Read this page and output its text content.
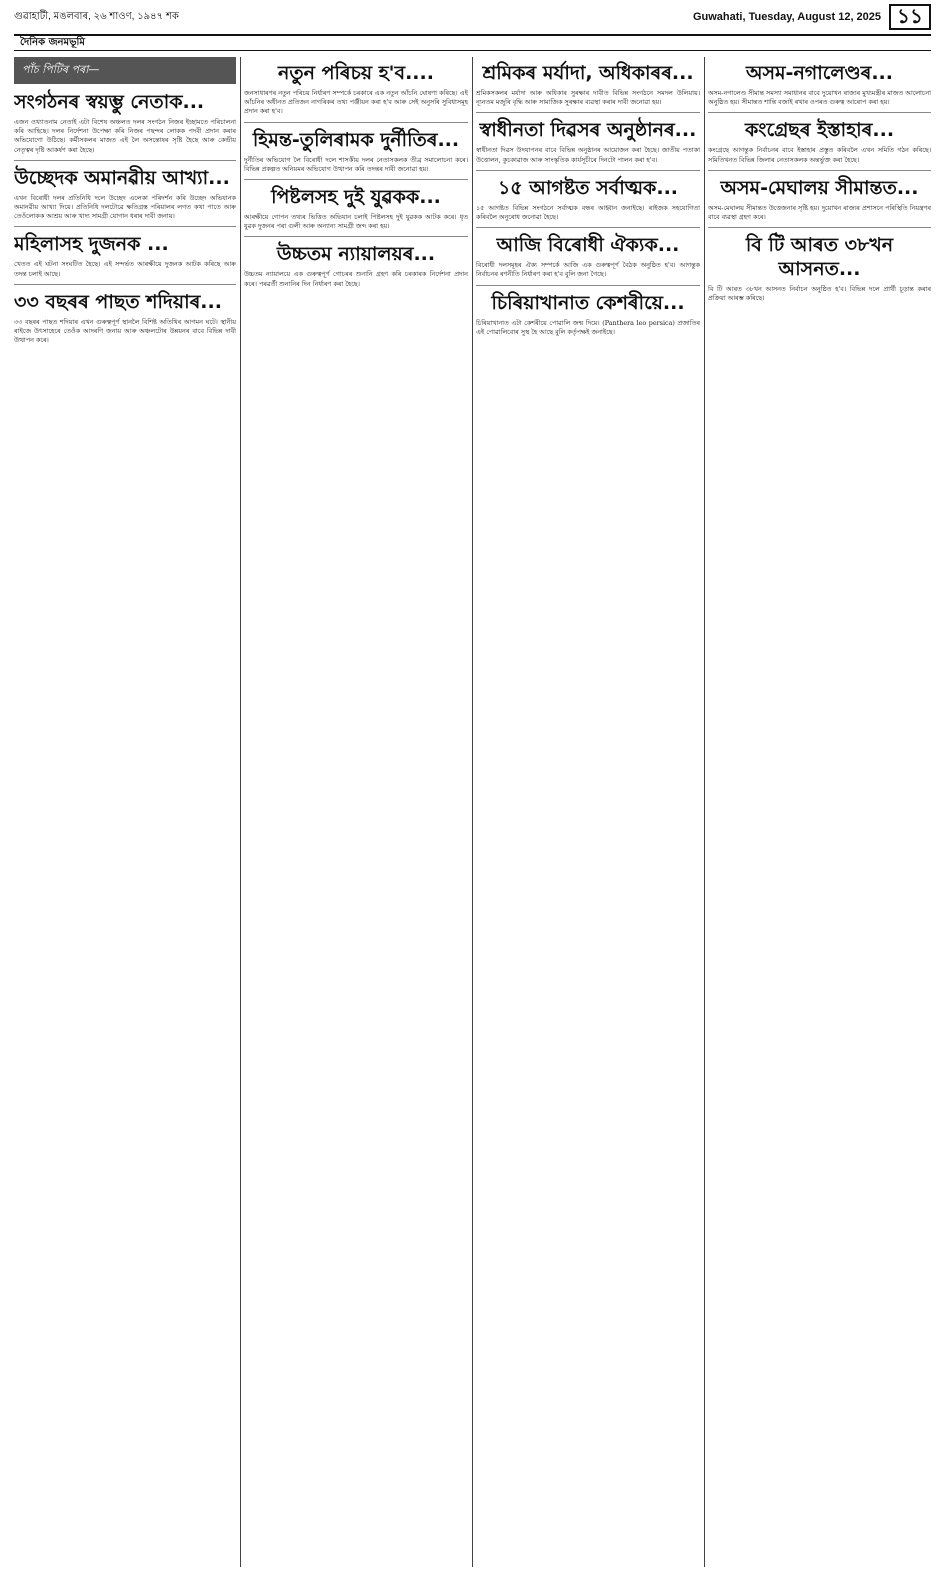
গুৱাহাটী, মঙলবাৰ, ২৬ শাওণ, ১৯৪৭ শক	Guwahati, Tuesday, August 12, 2025 ১১
দৈনিক জনমভূমি
পাঁচ পিটিৰ পৰা—
সংগঠনৰ স্বয়ম্ভু নেতাক...
এজন ওখ্যাতনাম নেতাই এটা বিশেষ অঞ্চলত দলৰ সংগঠন নিজৰ ইচ্ছামতে পৰিচালনা কৰি আহিছে। দলৰ নিৰ্দেশনা উপেক্ষা কৰি নিজৰ পছন্দৰ লোকক পদবী প্ৰদান কৰাৰ অভিযোগো উঠিছে। কৰ্মীসকলৰ মাজত এই লৈ অসন্তোষৰ সৃষ্টি হৈছে আৰু কেন্দ্ৰীয় নেতৃত্বৰ দৃষ্টি আকৰ্ষণ কৰা হৈছে।
উচ্ছেদক অমানৱীয় আখ্যা...
এখন বিৰোধী দলৰ প্ৰতিনিধি দলে উচ্ছেদ এলেকা পৰিদৰ্শন কৰি উচ্ছেদ অভিযানক অমানৱীয় আখ্যা দিয়ে। প্ৰতিনিধি দলটোৱে ক্ষতিগ্ৰস্ত পৰিয়ালৰ লগত কথা পাতে আৰু তেওঁলোকক আশ্ৰয় আৰু খাদ্য সামগ্ৰী যোগান ধৰাৰ দাবী জনায়।
মহিলাসহ দুজনক ...
খেতত এই ঘটনা সংঘটিত হৈছে। এই সন্দৰ্ভত আৰক্ষীয়ে দুজনক আটক কৰিছে আৰু তদন্ত চলাই আছে।
৩৩ বছৰৰ পাছত শদিয়াৰ...
৩৩ বছৰৰ পাছত শদিয়াৰ এখন গুৰুত্বপূৰ্ণ স্থানলৈ বিশিষ্ট অতিথিৰ আগমন ঘটে। স্থানীয় ৰাইজে উৎসাহেৰে তেওঁক আদৰণি জনায় আৰু অঞ্চলটোৰ উন্নয়নৰ বাবে বিভিন্ন দাবী উত্থাপন কৰে।
নতুন পৰিচয় হ'ব....
জনসাধাৰণৰ নতুন পৰিচয় নিৰ্ধাৰণ সম্পৰ্কে চৰকাৰে এক নতুন আঁচনি ঘোষণা কৰিছে। এই আঁচনিৰ অধীনত প্ৰতিজন নাগৰিকৰ তথ্য পঞ্জীয়ন কৰা হ'ব আৰু সেই অনুসৰি সুবিধাসমূহ প্ৰদান কৰা হ'ব।
হিমন্ত-তুলিৰামক দুৰ্নীতিৰ...
দুৰ্নীতিৰ অভিযোগ লৈ বিৰোধী দলে শাসকীয় দলৰ নেতাসকলক তীব্ৰ সমালোচনা কৰে। বিভিন্ন প্ৰকল্পত অনিয়মৰ অভিযোগ উত্থাপন কৰি তদন্তৰ দাবী জনোৱা হয়।
পিষ্টলসহ দুই যুৱকক...
আৰক্ষীয়ে গোপন তথ্যৰ ভিত্তিত অভিযান চলাই পিষ্টলসহ দুই যুৱকক আটক কৰে। ধৃত যুৱক দুজনৰ পৰা গুলী আৰু অন্যান্য সামগ্ৰী জব্দ কৰা হয়।
উচ্চতম ন্যায়ালয়ৰ...
উচ্চতম ন্যায়ালয়ে এক গুৰুত্বপূৰ্ণ গোচৰৰ শুনানি গ্ৰহণ কৰি চৰকাৰক নিৰ্দেশনা প্ৰদান কৰে। পৰৱৰ্তী শুনানিৰ দিন নিৰ্ধাৰণ কৰা হৈছে।
শ্ৰমিকৰ মৰ্যাদা, অধিকাৰৰ...
শ্ৰমিকসকলৰ মৰ্যাদা আৰু অধিকাৰ সুৰক্ষাৰ দাবীত বিভিন্ন সংগঠনে সমদল উলিয়ায়। ন্যূনতম মজুৰি বৃদ্ধি আৰু সামাজিক সুৰক্ষাৰ ব্যৱস্থা কৰাৰ দাবী জনোৱা হয়।
স্বাধীনতা দিৱসৰ অনুষ্ঠানৰ...
স্বাধীনতা দিৱস উদযাপনৰ বাবে বিভিন্ন অনুষ্ঠানৰ আয়োজন কৰা হৈছে। জাতীয় পতাকা উত্তোলন, কুচকাৱাজ আৰু সাংস্কৃতিক কাৰ্যসূচীৰে দিনটো পালন কৰা হ'ব।
১৫ আগষ্টত সৰ্বাত্মক...
১৫ আগষ্টত বিভিন্ন সংগঠনে সৰ্বাত্মক বন্ধৰ আহ্বান জনাইছে। ৰাইজক সহযোগিতা কৰিবলৈ অনুৰোধ জনোৱা হৈছে।
আজি বিৰোধী ঐক্যক...
বিৰোধী দলসমূহৰ ঐক্য সম্পৰ্কে আজি এক গুৰুত্বপূৰ্ণ বৈঠক অনুষ্ঠিত হ'ব। আগন্তুক নিৰ্বাচনৰ ৰণনীতি নিৰ্ধাৰণ কৰা হ'ব বুলি জনা গৈছে।
চিৰিয়াখানাত কেশৰীয়ে...
চিৰিয়াখানাত এটা কেশৰীয়ে পোৱালি জন্ম দিয়ে। (Panthera leo persica) প্ৰজাতিৰ এই পোৱালিবোৰ সুস্থ হৈ আছে বুলি কৰ্তৃপক্ষই জনাইছে।
অসম-নগালেণ্ডৰ...
অসম-নগালেণ্ড সীমান্ত সমস্যা সমাধানৰ বাবে দুয়োখন ৰাজ্যৰ মুখ্যমন্ত্ৰীৰ মাজত আলোচনা অনুষ্ঠিত হয়। সীমান্তত শান্তি বজাই ৰখাৰ ওপৰত গুৰুত্ব আৰোপ কৰা হয়।
কংগ্ৰেছৰ ইস্তাহাৰ...
কংগ্ৰেছে আগন্তুক নিৰ্বাচনৰ বাবে ইস্তাহাৰ প্ৰস্তুত কৰিবলৈ এখন সমিতি গঠন কৰিছে। সমিতিখনত বিভিন্ন জিলাৰ নেতাসকলক অন্তৰ্ভুক্ত কৰা হৈছে।
অসম-মেঘালয় সীমান্তত...
অসম-মেঘালয় সীমান্তত উত্তেজনাৰ সৃষ্টি হয়। দুয়োখন ৰাজ্যৰ প্ৰশাসনে পৰিস্থিতি নিয়ন্ত্ৰণৰ বাবে ব্যৱস্থা গ্ৰহণ কৰে।
বি টি আৰত ৩৮খন আসনত...
বি টি আৰত ৩৮খন আসনত নিৰ্বাচন অনুষ্ঠিত হ'ব। বিভিন্ন দলে প্ৰাৰ্থী চূড়ান্ত কৰাৰ প্ৰক্ৰিয়া আৰম্ভ কৰিছে।
